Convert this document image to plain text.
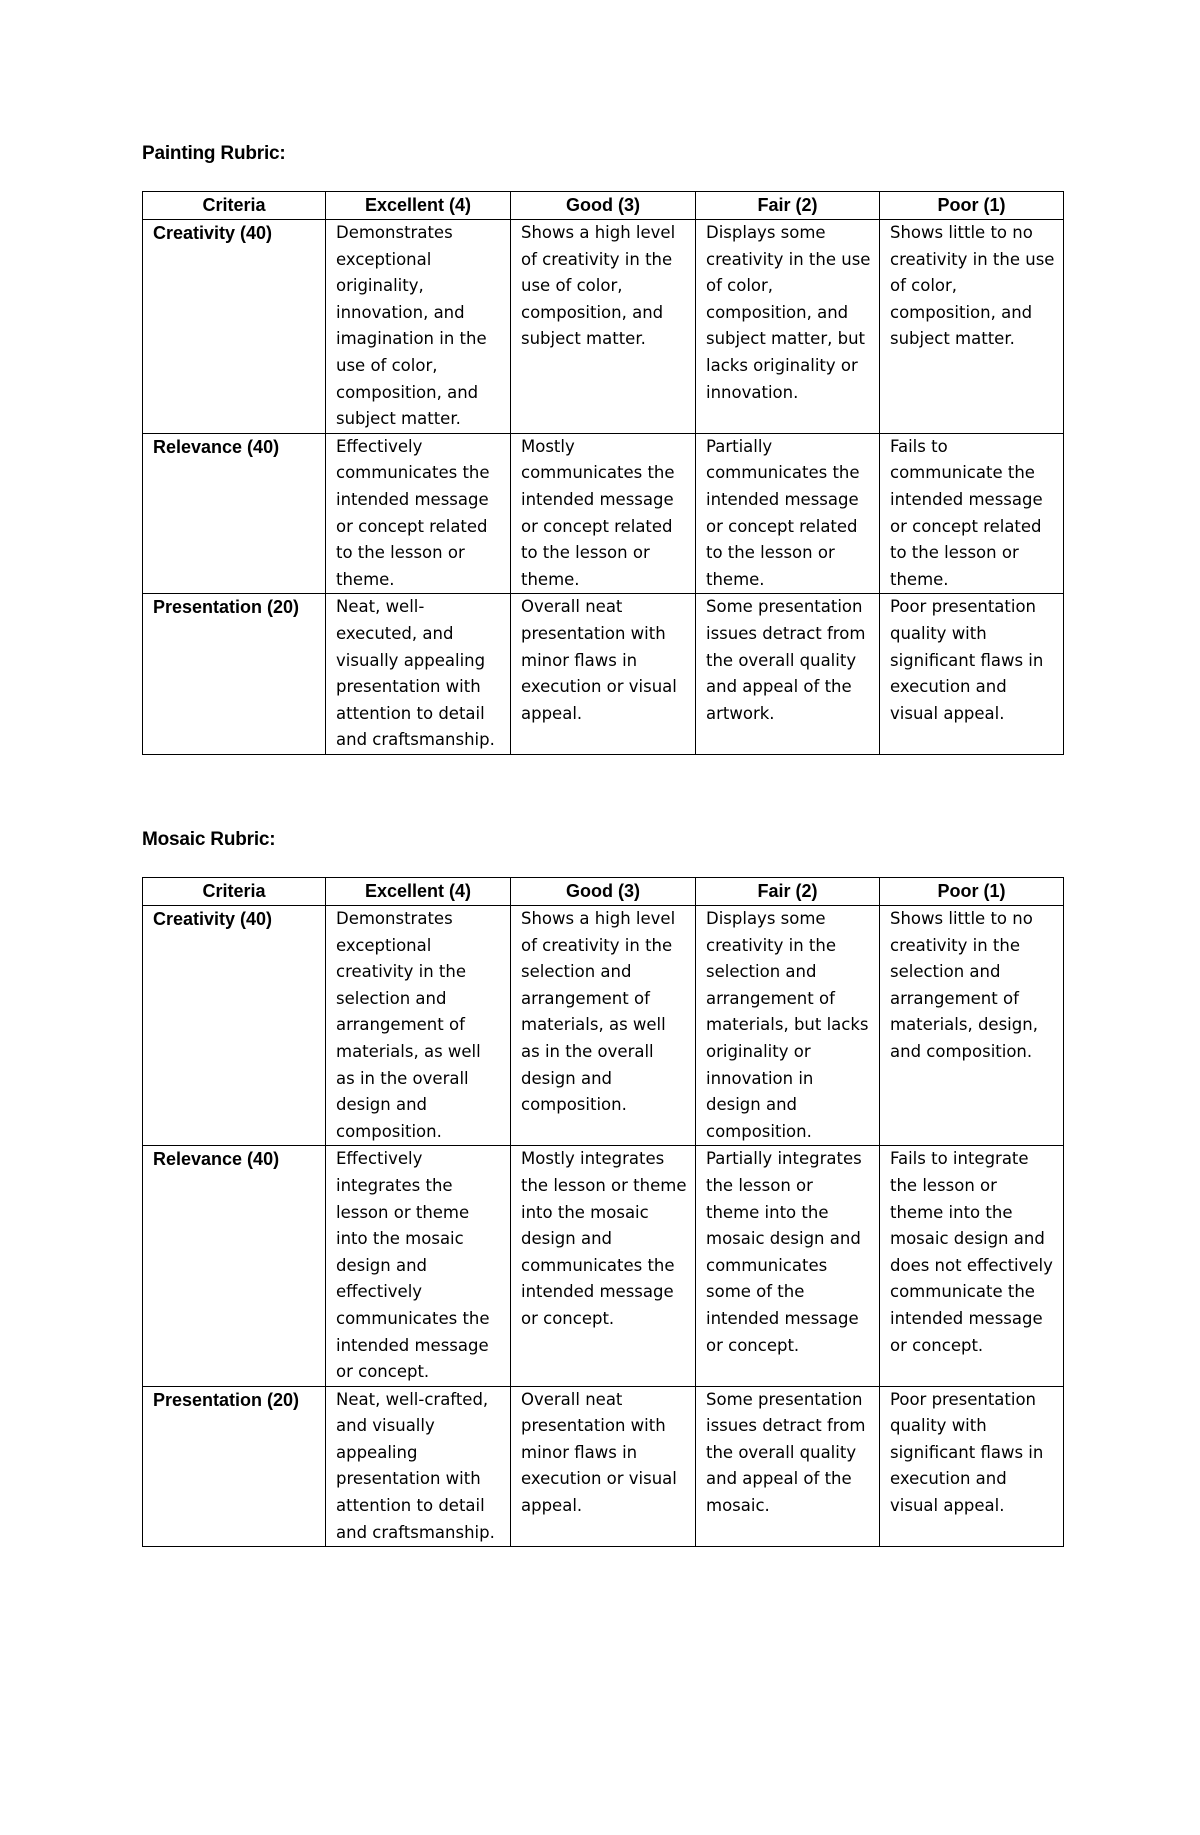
Painting Rubric:
Criteria	Excellent (4)	Good (3)	Fair (2)	Poor (1)
Creativity (40)	Demonstrates exceptional originality, innovation, and imagination in the use of color, composition, and subject matter.	Shows a high level of creativity in the use of color, composition, and subject matter.	Displays some creativity in the use of color, composition, and subject matter, but lacks originality or innovation.	Shows little to no creativity in the use of color, composition, and subject matter.
Relevance (40)	Effectively communicates the intended message or concept related to the lesson or theme.	Mostly communicates the intended message or concept related to the lesson or theme.	Partially communicates the intended message or concept related to the lesson or theme.	Fails to communicate the intended message or concept related to the lesson or theme.
Presentation (20)	Neat, well-executed, and visually appealing presentation with attention to detail and craftsmanship.	Overall neat presentation with minor flaws in execution or visual appeal.	Some presentation issues detract from the overall quality and appeal of the artwork.	Poor presentation quality with significant flaws in execution and visual appeal.
Mosaic Rubric:
Criteria	Excellent (4)	Good (3)	Fair (2)	Poor (1)
Creativity (40)	Demonstrates exceptional creativity in the selection and arrangement of materials, as well as in the overall design and composition.	Shows a high level of creativity in the selection and arrangement of materials, as well as in the overall design and composition.	Displays some creativity in the selection and arrangement of materials, but lacks originality or innovation in design and composition.	Shows little to no creativity in the selection and arrangement of materials, design, and composition.
Relevance (40)	Effectively integrates the lesson or theme into the mosaic design and effectively communicates the intended message or concept.	Mostly integrates the lesson or theme into the mosaic design and communicates the intended message or concept.	Partially integrates the lesson or theme into the mosaic design and communicates some of the intended message or concept.	Fails to integrate the lesson or theme into the mosaic design and does not effectively communicate the intended message or concept.
Presentation (20)	Neat, well-crafted, and visually appealing presentation with attention to detail and craftsmanship.	Overall neat presentation with minor flaws in execution or visual appeal.	Some presentation issues detract from the overall quality and appeal of the mosaic.	Poor presentation quality with significant flaws in execution and visual appeal.
